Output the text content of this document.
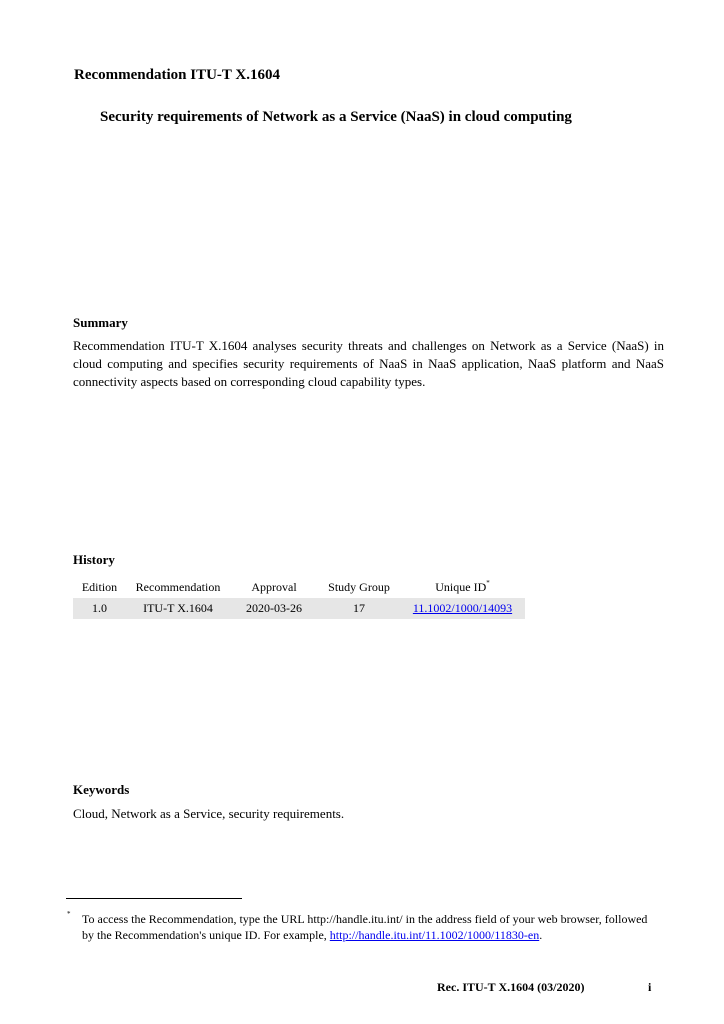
Recommendation ITU-T X.1604
Security requirements of Network as a Service (NaaS) in cloud computing
Summary

Recommendation ITU-T X.1604 analyses security threats and challenges on Network as a Service (NaaS) in cloud computing and specifies security requirements of NaaS in NaaS application, NaaS platform and NaaS connectivity aspects based on corresponding cloud capability types.

History
Edition	Recommendation	Approval	Study Group	Unique ID*
1.0	ITU-T X.1604	2020-03-26	17	11.1002/1000/14093
Keywords
Cloud, Network as a Service, security requirements.
* To access the Recommendation, type the URL http://handle.itu.int/ in the address field of your web browser, followed by the Recommendation's unique ID. For example, http://handle.itu.int/11.1002/1000/11830-en.

Rec. ITU-T X.1604 (03/2020)	i
